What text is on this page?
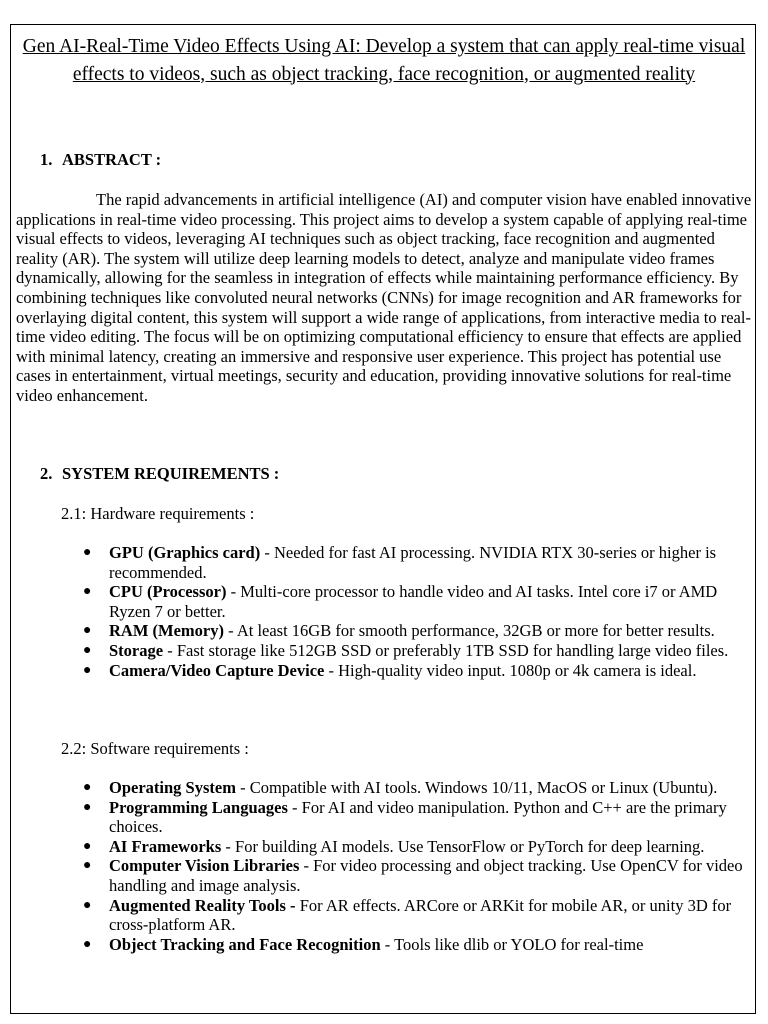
Gen AI-Real-Time Video Effects Using AI: Develop a system that can apply real-time visual effects to videos, such as object tracking, face recognition, or augmented reality
1. ABSTRACT :

The rapid advancements in artificial intelligence (AI) and computer vision have enabled innovative applications in real-time video processing. This project aims to develop a system capable of applying real-time visual effects to videos, leveraging AI techniques such as object tracking, face recognition and augmented reality (AR). The system will utilize deep learning models to detect, analyze and manipulate video frames dynamically, allowing for the seamless in integration of effects while maintaining performance efficiency. By combining techniques like convoluted neural networks (CNNs) for image recognition and AR frameworks for overlaying digital content, this system will support a wide range of applications, from interactive media to real-time video editing. The focus will be on optimizing computational efficiency to ensure that effects are applied with minimal latency, creating an immersive and responsive user experience. This project has potential use cases in entertainment, virtual meetings, security and education, providing innovative solutions for real-time video enhancement.

2. SYSTEM REQUIREMENTS :

2.1: Hardware requirements :

● GPU (Graphics card) - Needed for fast AI processing. NVIDIA RTX 30-series or higher is recommended.
● CPU (Processor) - Multi-core processor to handle video and AI tasks. Intel core i7 or AMD Ryzen 7 or better.
● RAM (Memory) - At least 16GB for smooth performance, 32GB or more for better results.
● Storage - Fast storage like 512GB SSD or preferably 1TB SSD for handling large video files.
● Camera/Video Capture Device - High-quality video input. 1080p or 4k camera is ideal.

2.2: Software requirements :

● Operating System - Compatible with AI tools. Windows 10/11, MacOS or Linux (Ubuntu).
● Programming Languages - For AI and video manipulation. Python and C++ are the primary choices.
● AI Frameworks - For building AI models. Use TensorFlow or PyTorch for deep learning.
● Computer Vision Libraries - For video processing and object tracking. Use OpenCV for video handling and image analysis.
● Augmented Reality Tools - For AR effects. ARCore or ARKit for mobile AR, or unity 3D for cross-platform AR.
● Object Tracking and Face Recognition - Tools like dlib or YOLO for real-time
